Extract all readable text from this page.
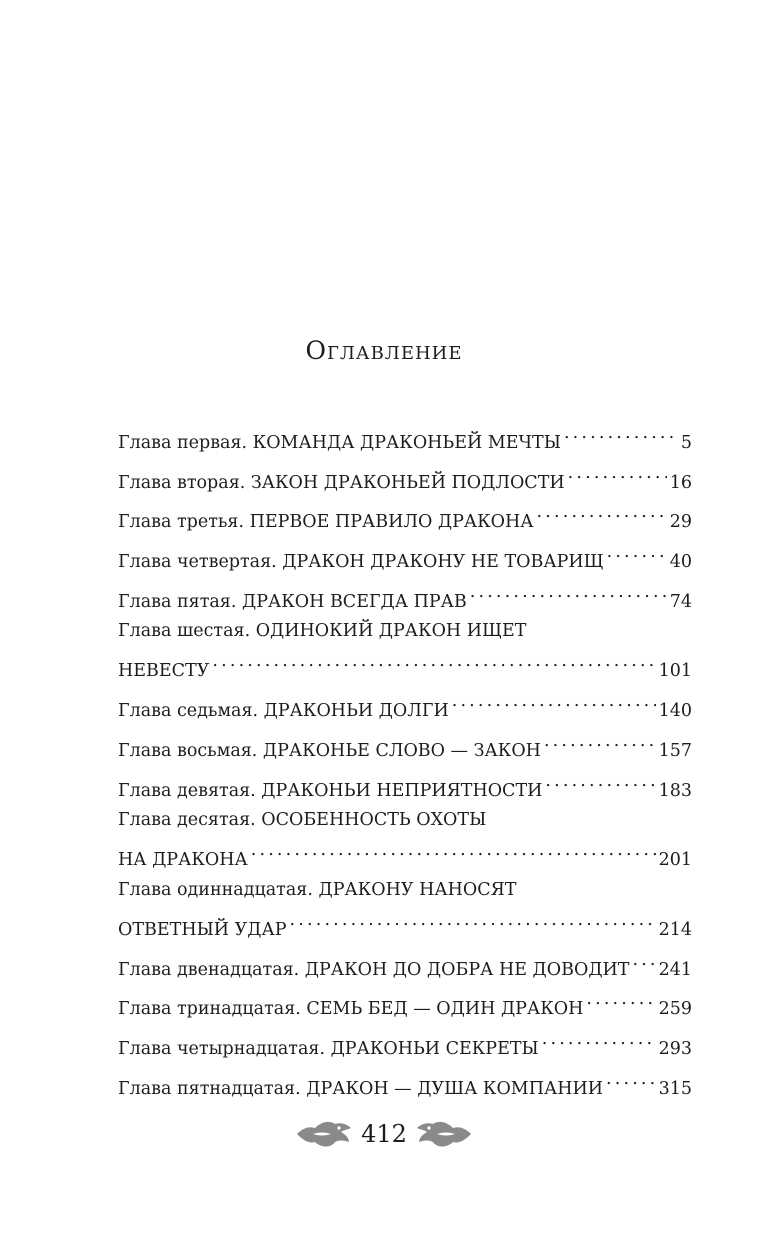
Оглавление
Глава первая. КОМАНДА ДРАКОНЬЕЙ МЕЧТЫ . . .	5
Глава вторая. ЗАКОН ДРАКОНЬЕЙ ПОДЛОСТИ . . .	16
Глава третья. ПЕРВОЕ ПРАВИЛО ДРАКОНА . . .	29
Глава четвертая. ДРАКОН ДРАКОНУ НЕ ТОВАРИЩ . . .	40
Глава пятая. ДРАКОН ВСЕГДА ПРАВ . . .	74
Глава шестая. ОДИНОКИЙ ДРАКОН ИЩЕТ
НЕВЕСТУ . . .	101
Глава седьмая. ДРАКОНЬИ ДОЛГИ . . .	140
Глава восьмая. ДРАКОНЬЕ СЛОВО — ЗАКОН . . .	157
Глава девятая. ДРАКОНЬИ НЕПРИЯТНОСТИ . . .	183
Глава десятая. ОСОБЕННОСТЬ ОХОТЫ
НА ДРАКОНА . . .	201
Глава одиннадцатая. ДРАКОНУ НАНОСЯТ
ОТВЕТНЫЙ УДАР . . .	214
Глава двенадцатая. ДРАКОН ДО ДОБРА НЕ ДОВОДИТ . . . 241
Глава тринадцатая. СЕМЬ БЕД — ОДИН ДРАКОН . . .	259
Глава четырнадцатая. ДРАКОНЬИ СЕКРЕТЫ . . .	293
Глава пятнадцатая. ДРАКОН — ДУША КОМПАНИИ . . .	315
412
